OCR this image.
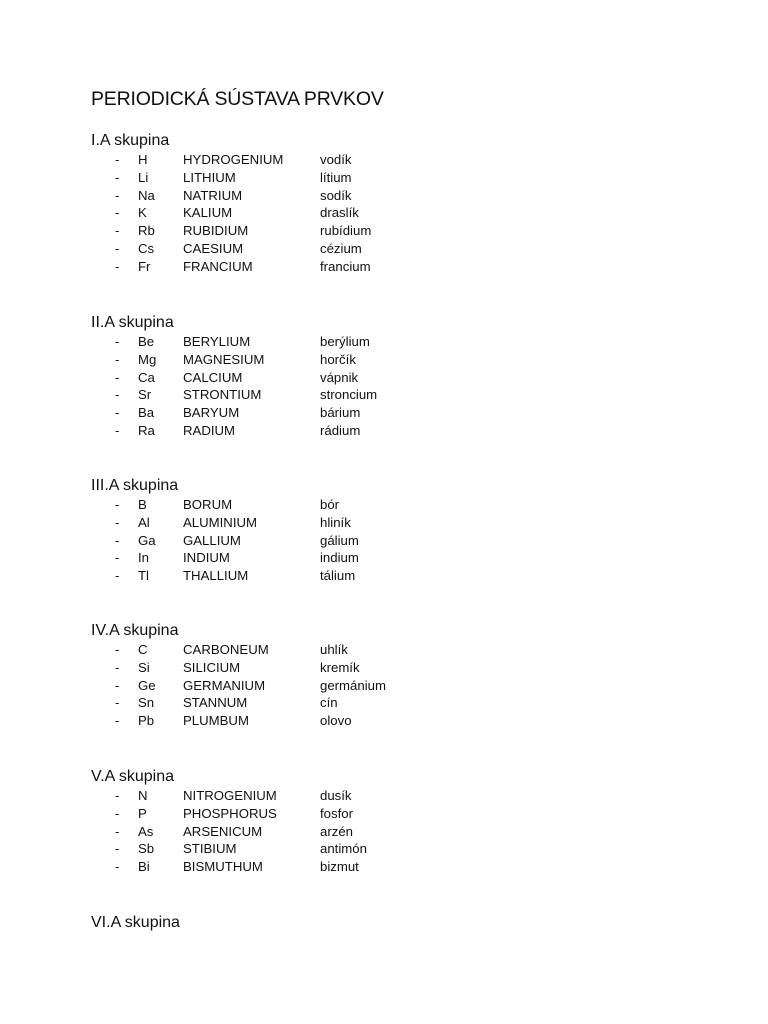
PERIODICKÁ SÚSTAVA PRVKOV
I.A skupina
- H	HYDROGENIUM	vodík
- Li	LITHIUM	lítium
- Na NATRIUM	sodík
- K	KALIUM	draslík
- Rb RUBIDIUM	rubídium
- Cs CAESIUM	cézium
- Fr FRANCIUM	francium
II.A skupina
- Be BERYLIUM	berýlium
- Mg MAGNESIUM	horčík
- Ca CALCIUM	vápnik
- Sr STRONTIUM	stroncium
- Ba BARYUM	bárium
- Ra RADIUM	rádium
III.A skupina
- B	BORUM	bór
- Al	ALUMINIUM	hliník
- Ga GALLIUM	gálium
- In	INDIUM	indium
- Tl	THALLIUM	tálium
IV.A skupina
- C	CARBONEUM	uhlík
- Si	SILICIUM	kremík
- Ge GERMANIUM	germánium
- Sn STANNUM	cín
- Pb PLUMBUM	olovo
V.A skupina
- N	NITROGENIUM	dusík
- P	PHOSPHORUS	fosfor
- As ARSENICUM	arzén
- Sb STIBIUM	antimón
- Bi	BISMUTHUM	bizmut
VI.A skupina
